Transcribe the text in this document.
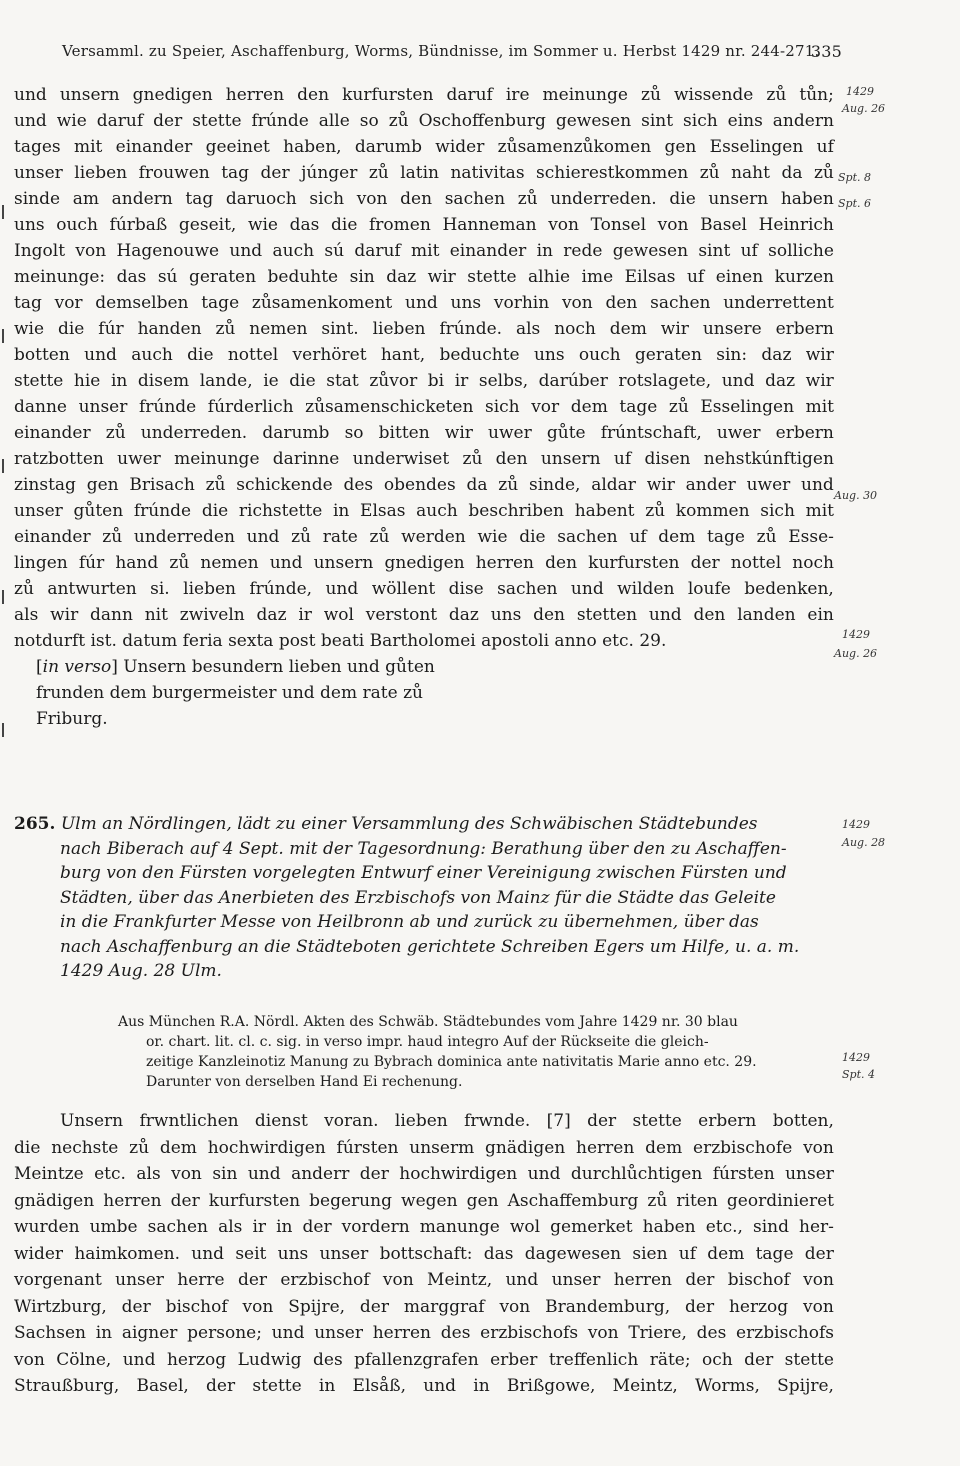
Versamml. zu Speier, Aschaffenburg, Worms, Bündnisse, im Sommer u. Herbst 1429 nr. 244-271.
335
und unsern gnedigen herren den kurfursten daruf ire meinunge zů wissende zů tůn;
und wie daruf der stette frúnde alle so zů Oschoffenburg gewesen sint sich eins andern
tages mit einander geeinet haben, darumb wider zůsamenzůkomen gen Esselingen uf
unser lieben frouwen tag der júnger zů latin nativitas schierestkommen zů naht da zů
sinde am andern tag daruoch sich von den sachen zů underreden. die unsern haben
uns ouch fúrbaß geseit, wie das die fromen Hanneman von Tonsel von Basel Heinrich
Ingolt von Hagenouwe und auch sú daruf mit einander in rede gewesen sint uf solliche
meinunge: das sú geraten beduhte sin daz wir stette alhie ime Eilsas uf einen kurzen
tag vor demselben tage zůsamenkoment und uns vorhin von den sachen underrettent
wie die fúr handen zů nemen sint. lieben frúnde. als noch dem wir unsere erbern
botten und auch die nottel verhöret hant, beduchte uns ouch geraten sin: daz wir
stette hie in disem lande, ie die stat zůvor bi ir selbs, darúber rotslagete, und daz wir
danne unser frúnde fúrderlich zůsamenschicketen sich vor dem tage zů Esselingen mit
einander zů underreden. darumb so bitten wir uwer gůte frúntschaft, uwer erbern
ratzbotten uwer meinunge darinne underwiset zů den unsern uf disen nehstkúnftigen
zinstag gen Brisach zů schickende des obendes da zů sinde, aldar wir ander uwer und
unser gůten frúnde die richstette in Elsas auch beschriben habent zů kommen sich mit
einander zů underreden und zů rate zů werden wie die sachen uf dem tage zů Esse-
lingen fúr hand zů nemen und unsern gnedigen herren den kurfursten der nottel noch
zů antwurten si. lieben frúnde, und wöllent dise sachen und wilden loufe bedenken,
als wir dann nit zwiveln daz ir wol verstont daz uns den stetten und den landen ein
notdurft ist. datum feria sexta post beati Bartholomei apostoli anno etc. 29.
[ in verso ] Unsern besundern lieben und gůten
frunden dem burgermeister und dem rate zů
Friburg.
1429
Aug. 26
Spt. 8
Spt. 6
Aug. 30
1429
Aug. 26
1429
Aug. 28
1429
Spt. 4
265. Ulm an Nördlingen, lädt zu einer Versammlung des Schwäbischen Städtebundes
nach Biberach auf 4 Sept. mit der Tagesordnung: Berathung über den zu Aschaffen-
burg von den Fürsten vorgelegten Entwurf einer Vereinigung zwischen Fürsten und
Städten, über das Anerbieten des Erzbischofs von Mainz für die Städte das Geleite
in die Frankfurter Messe von Heilbronn ab und zurück zu übernehmen, über das
nach Aschaffenburg an die Städteboten gerichtete Schreiben Egers um Hilfe, u. a. m.
1429 Aug. 28 Ulm.
Aus München R.A. Nördl. Akten des Schwäb. Städtebundes vom Jahre 1429 nr. 30 blau
or. chart. lit. cl. c. sig. in verso impr. haud integro Auf der Rückseite die gleich-
zeitige Kanzleinotiz Manung zu Bybrach dominica ante nativitatis Marie anno etc. 29.
Darunter von derselben Hand Ei rechenung.
Unsern frwntlichen dienst voran. lieben frwnde. [7] der stette erbern botten,
die nechste zů dem hochwirdigen fúrsten unserm gnädigen herren dem erzbischofe von
Meintze etc. als von sin und anderr der hochwirdigen und durchlůchtigen fúrsten unser
gnädigen herren der kurfursten begerung wegen gen Aschaffemburg zů riten geordinieret
wurden umbe sachen als ir in der vordern manunge wol gemerket haben etc., sind her-
wider haimkomen. und seit uns unser bottschaft: das dagewesen sien uf dem tage der
vorgenant unser herre der erzbischof von Meintz, und unser herren der bischof von
Wirtzburg, der bischof von Spijre, der marggraf von Brandemburg, der herzog von
Sachsen in aigner persone; und unser herren des erzbischofs von Triere, des erzbischofs
von Cölne, und herzog Ludwig des pfallenzgrafen erber treffenlich räte; och der stette
Straußburg, Basel, der stette in Elsåß, und in Brißgowe, Meintz, Worms, Spijre,
